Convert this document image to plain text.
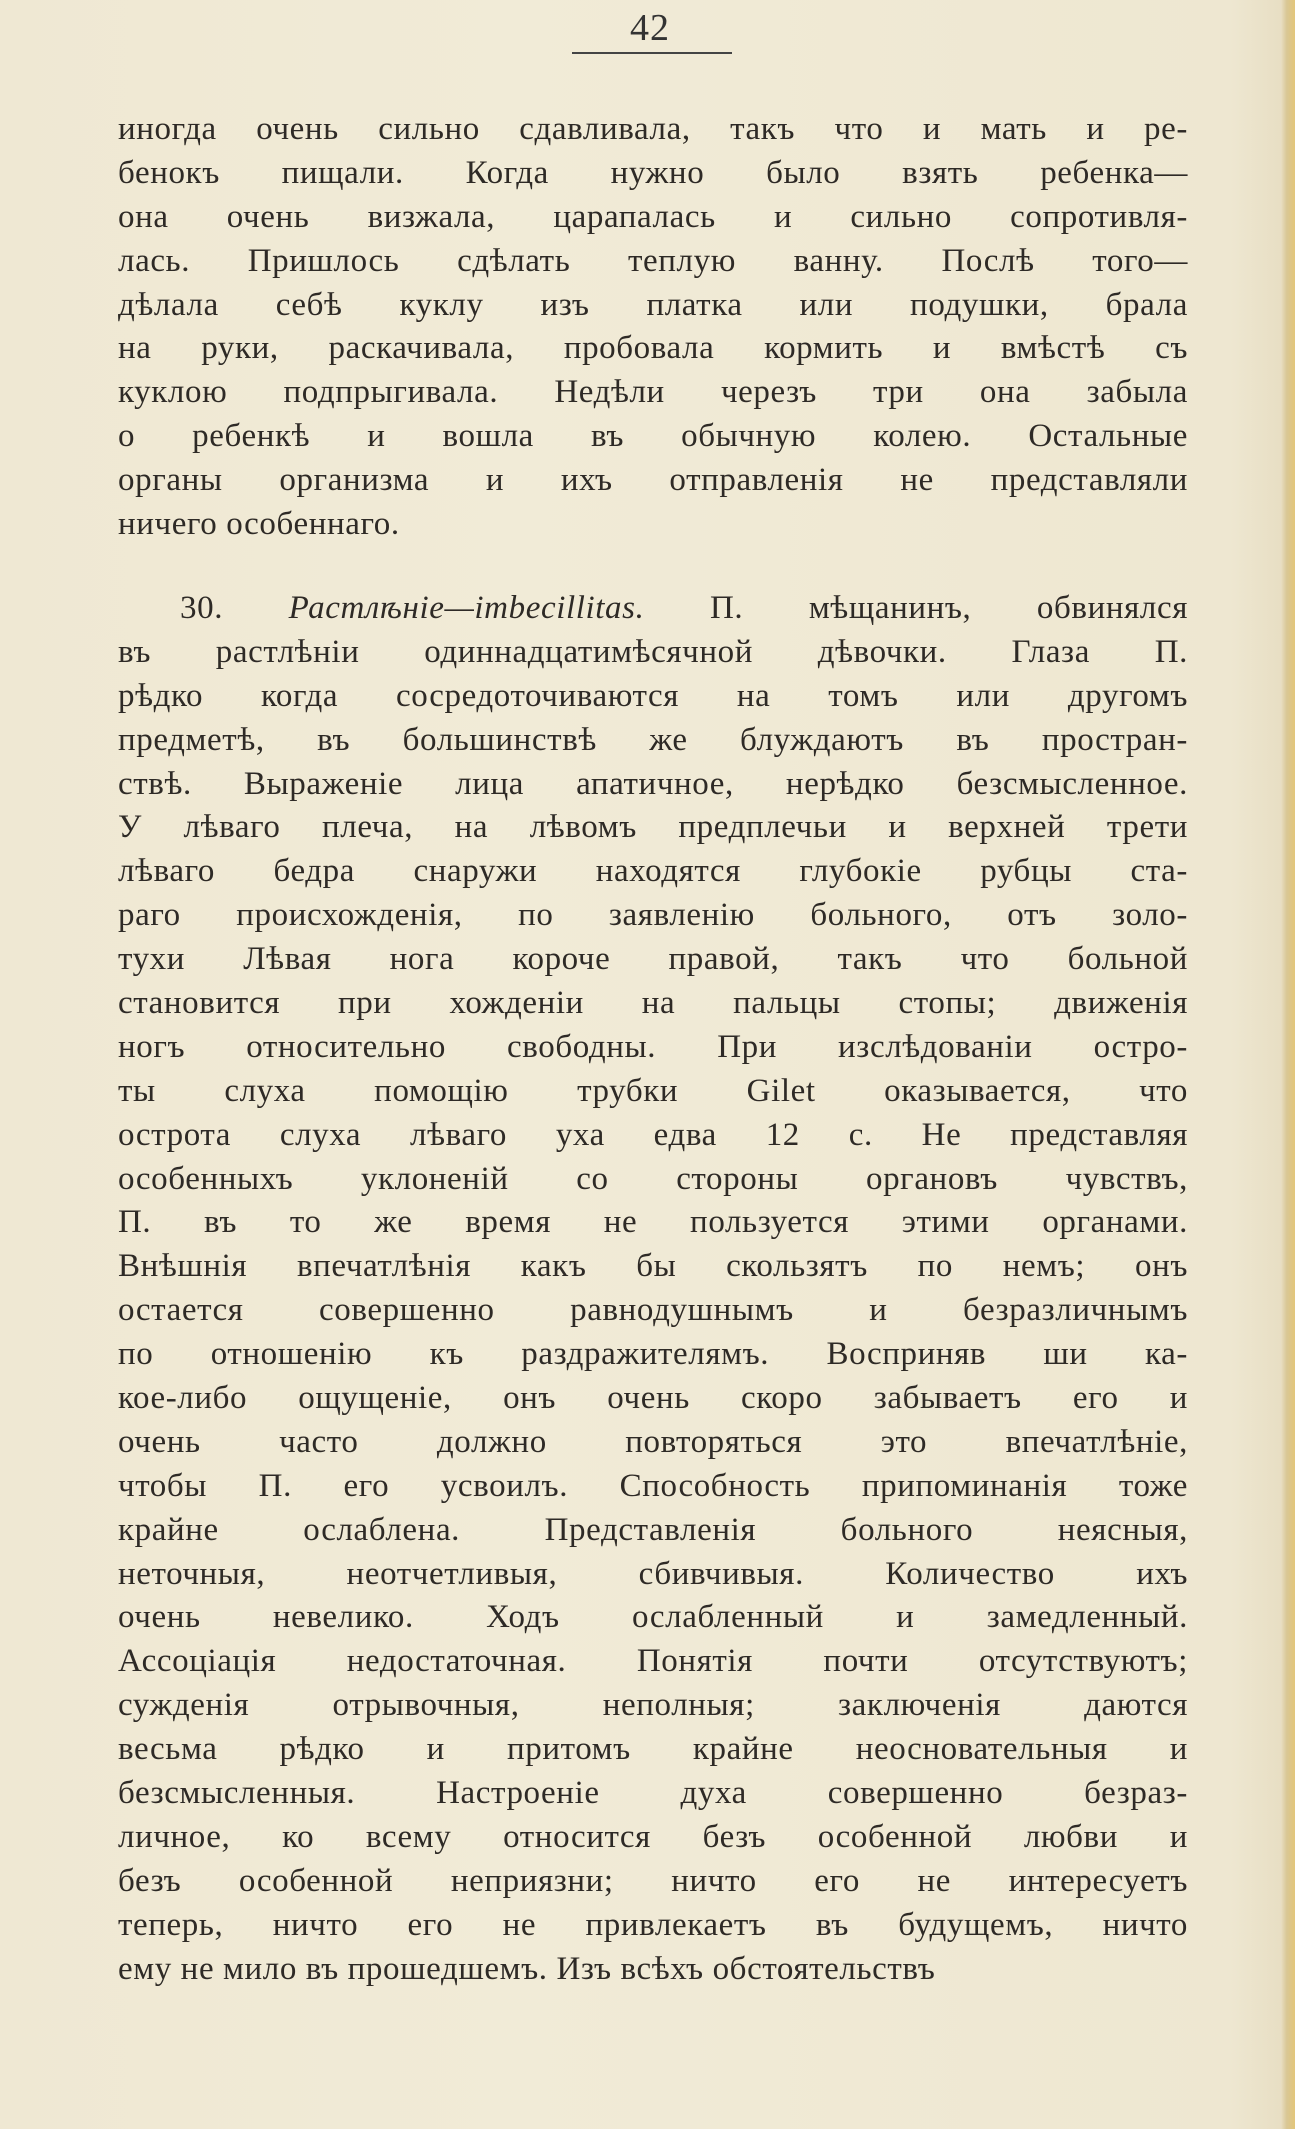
42
иногда очень сильно сдавливала, такъ что и мать и ре-
бенокъ пищали. Когда нужно было взять ребенка—
она очень визжала, царапалась и сильно сопротивля-
лась. Пришлось сдѣлать теплую ванну. Послѣ того—
дѣлала себѣ куклу изъ платка или подушки, брала
на руки, раскачивала, пробовала кормить и вмѣстѣ съ
куклою подпрыгивала. Недѣли черезъ три она забыла
о ребенкѣ и вошла въ обычную колею. Остальные
органы организма и ихъ отправленія не представляли
ничего особеннаго.
30. Растлѣніе—imbecillitas. П. мѣщанинъ, обвинялся
въ растлѣніи одиннадцатимѣсячной дѣвочки. Глаза П.
рѣдко когда сосредоточиваются на томъ или другомъ
предметѣ, въ большинствѣ же блуждаютъ въ простран-
ствѣ. Выраженіе лица апатичное, нерѣдко безсмысленное.
У лѣваго плеча, на лѣвомъ предплечьи и верхней трети
лѣваго бедра снаружи находятся глубокіе рубцы ста-
раго происхожденія, по заявленію больного, отъ золо-
тухи Лѣвая нога короче правой, такъ что больной
становится при хожденіи на пальцы стопы; движенія
ногъ относительно свободны. При изслѣдованіи остро-
ты слуха помощію трубки Gilet оказывается, что
острота слуха лѣваго уха едва 12 с. Не представляя
особенныхъ уклоненій со стороны органовъ чувствъ,
П. въ то же время не пользуется этими органами.
Внѣшнія впечатлѣнія какъ бы скользятъ по немъ; онъ
остается совершенно равнодушнымъ и безразличнымъ
по отношенію къ раздражителямъ. Восприняв ши ка-
кое-либо ощущеніе, онъ очень скоро забываетъ его и
очень часто должно повторяться это впечатлѣніе,
чтобы П. его усвоилъ. Способность припоминанія тоже
крайне ослаблена. Представленія больного неясныя,
неточныя, неотчетливыя, сбивчивыя. Количество ихъ
очень невелико. Ходъ ослабленный и замедленный.
Ассоціація недостаточная. Понятія почти отсутствуютъ;
сужденія отрывочныя, неполныя; заключенія даются
весьма рѣдко и притомъ крайне неосновательныя и
безсмысленныя. Настроеніе духа совершенно безраз-
личное, ко всему относится безъ особенной любви и
безъ особенной неприязни; ничто его не интересуетъ
теперь, ничто его не привлекаетъ въ будущемъ, ничто
ему не мило въ прошедшемъ. Изъ всѣхъ обстоятельствъ
